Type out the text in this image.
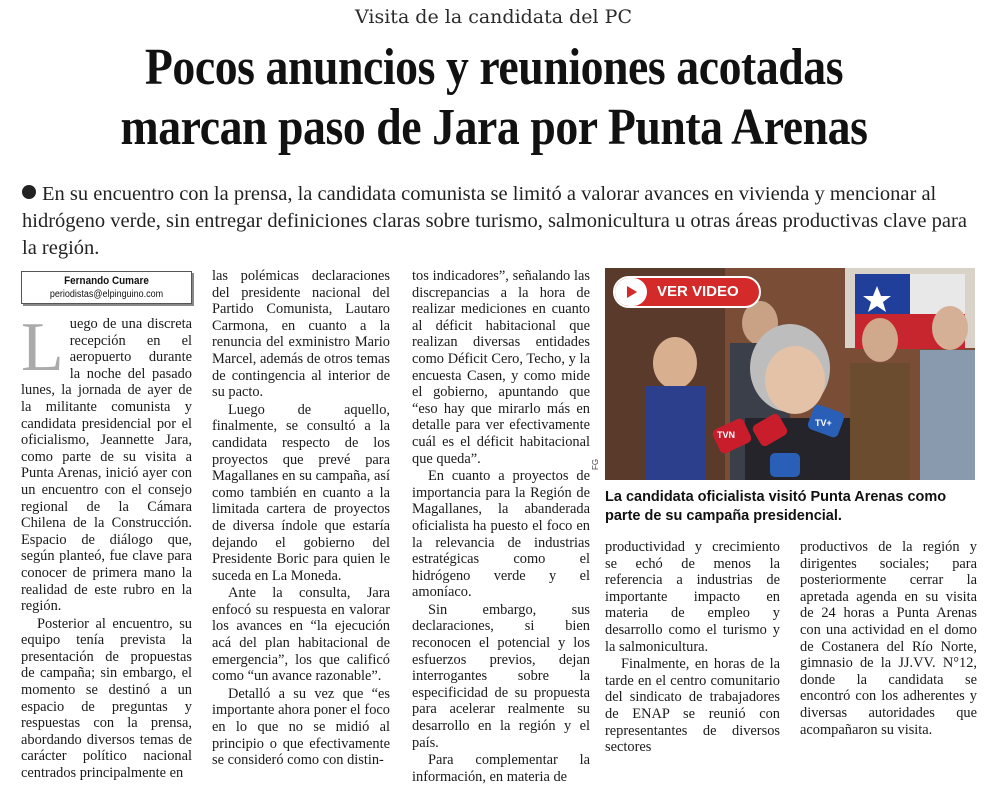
Visita de la candidata del PC
Pocos anuncios y reuniones acotadas
marcan paso de Jara por Punta Arenas
En su encuentro con la prensa, la candidata comunista se limitó a valorar avances en vivienda y mencionar al hidrógeno verde, sin entregar definiciones claras sobre turismo, salmonicultura u otras áreas productivas clave para la región.
Fernando Cumare
periodistas@elpinguino.com

Luego de una discreta recepción en el aeropuerto durante la noche del pasado lunes, la jornada de ayer de la militante comunista y candidata presidencial por el oficialismo, Jeannette Jara, como parte de su visita a Punta Arenas, inició ayer con un encuentro con el consejo regional de la Cámara Chilena de la Construcción. Espacio de diálogo que, según planteó, fue clave para conocer de primera mano la realidad de este rubro en la región.

Posterior al encuentro, su equipo tenía prevista la presentación de propuestas de campaña; sin embargo, el momento se destinó a un espacio de preguntas y respuestas con la prensa, abordando diversos temas de carácter político nacional centrados principalmente en

las polémicas declaraciones del presidente nacional del Partido Comunista, Lautaro Carmona, en cuanto a la renuncia del exministro Mario Marcel, además de otros temas de contingencia al interior de su pacto.

Luego de aquello, finalmente, se consultó a la candidata respecto de los proyectos que prevé para Magallanes en su campaña, así como también en cuanto a la limitada cartera de proyectos de diversa índole que estaría dejando el gobierno del Presidente Boric para quien le suceda en La Moneda.

Ante la consulta, Jara enfocó su respuesta en valorar los avances en “la ejecución acá del plan habitacional de emergencia”, los que calificó como “un avance razonable”.

Detalló a su vez que “es importante ahora poner el foco en lo que no se midió al principio o que efectivamente se consideró como con distin-

tos indicadores”, señalando las discrepancias a la hora de realizar mediciones en cuanto al déficit habitacional que realizan diversas entidades como Déficit Cero, Techo, y la encuesta Casen, y como mide el gobierno, apuntando que “eso hay que mirarlo más en detalle para ver efectivamente cuál es el déficit habitacional que queda”.

En cuanto a proyectos de importancia para la Región de Magallanes, la abanderada oficialista ha puesto el foco en la relevancia de industrias estratégicas como el hidrógeno verde y el amoníaco.

Sin embargo, sus declaraciones, si bien reconocen el potencial y los esfuerzos previos, dejan interrogantes sobre la especificidad de su propuesta para acelerar realmente su desarrollo en la región y el país.

Para complementar la información, en materia de

TVN
TV+
VER VIDEO
FG
La candidata oficialista visitó Punta Arenas como parte de su campaña presidencial.

productividad y crecimiento se echó de menos la referencia a industrias de importante impacto en materia de empleo y desarrollo como el turismo y la salmonicultura.

Finalmente, en horas de la tarde en el centro comunitario del sindicato de trabajadores de ENAP se reunió con representantes de diversos sectores

productivos de la región y dirigentes sociales; para posteriormente cerrar la apretada agenda en su visita de 24 horas a Punta Arenas con una actividad en el domo de Costanera del Río Norte, gimnasio de la JJ.VV. N°12, donde la candidata se encontró con los adherentes y diversas autoridades que acompañaron su visita.
